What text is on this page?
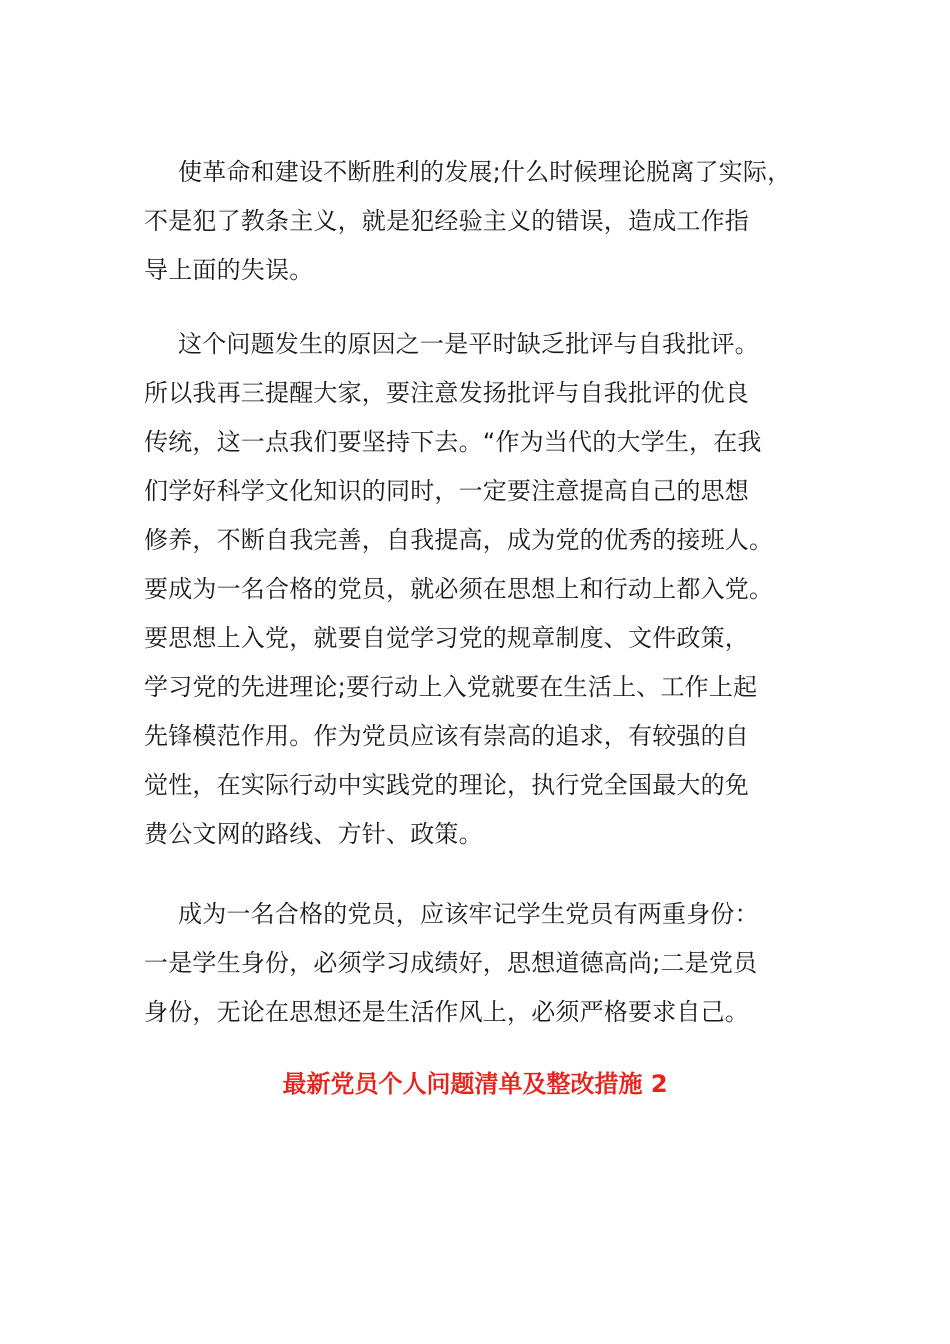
使革命和建设不断胜利的发展;什么时候理论脱离了实际，
不是犯了教条主义，就是犯经验主义的错误，造成工作指
导上面的失误。
这个问题发生的原因之一是平时缺乏批评与自我批评。
所以我再三提醒大家，要注意发扬批评与自我批评的优良
传统，这一点我们要坚持下去。“作为当代的大学生，在我
们学好科学文化知识的同时，一定要注意提高自己的思想
修养，不断自我完善，自我提高，成为党的优秀的接班人。
要成为一名合格的党员，就必须在思想上和行动上都入党。
要思想上入党，就要自觉学习党的规章制度、文件政策，
学习党的先进理论;要行动上入党就要在生活上、工作上起
先锋模范作用。作为党员应该有崇高的追求，有较强的自
觉性，在实际行动中实践党的理论，执行党全国最大的免
费公文网的路线、方针、政策。
成为一名合格的党员，应该牢记学生党员有两重身份：
一是学生身份，必须学习成绩好，思想道德高尚;二是党员
身份，无论在思想还是生活作风上，必须严格要求自己。
最新党员个人问题清单及整改措施 2
